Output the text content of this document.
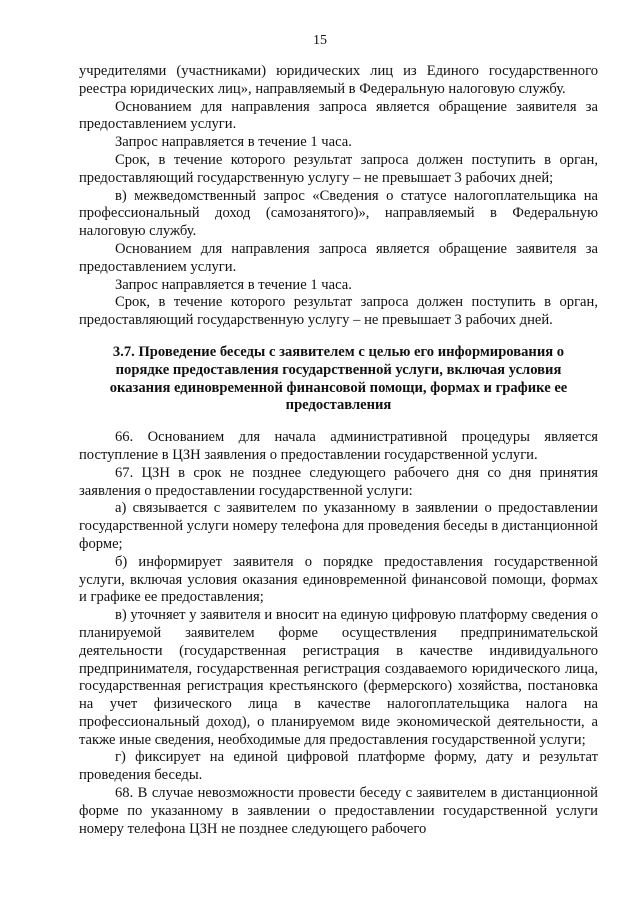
15

учредителями (участниками) юридических лиц из Единого государственного реестра юридических лиц», направляемый в Федеральную налоговую службу.

Основанием для направления запроса является обращение заявителя за предоставлением услуги.

Запрос направляется в течение 1 часа.

Срок, в течение которого результат запроса должен поступить в орган, предоставляющий государственную услугу – не превышает 3 рабочих дней;

в) межведомственный запрос «Сведения о статусе налогоплательщика на профессиональный доход (самозанятого)», направляемый в Федеральную налоговую службу.

Основанием для направления запроса является обращение заявителя за предоставлением услуги.

Запрос направляется в течение 1 часа.

Срок, в течение которого результат запроса должен поступить в орган, предоставляющий государственную услугу – не превышает 3 рабочих дней.

3.7. Проведение беседы с заявителем с целью его информирования о порядке предоставления государственной услуги, включая условия оказания единовременной финансовой помощи, формах и графике ее предоставления

66. Основанием для начала административной процедуры является поступление в ЦЗН заявления о предоставлении государственной услуги.

67. ЦЗН в срок не позднее следующего рабочего дня со дня принятия заявления о предоставлении государственной услуги:

а) связывается с заявителем по указанному в заявлении о предоставлении государственной услуги номеру телефона для проведения беседы в дистанционной форме;

б) информирует заявителя о порядке предоставления государственной услуги, включая условия оказания единовременной финансовой помощи, формах и графике ее предоставления;

в) уточняет у заявителя и вносит на единую цифровую платформу сведения о планируемой заявителем форме осуществления предпринимательской деятельности (государственная регистрация в качестве индивидуального предпринимателя, государственная регистрация создаваемого юридического лица, государственная регистрация крестьянского (фермерского) хозяйства, постановка на учет физического лица в качестве налогоплательщика налога на профессиональный доход), о планируемом виде экономической деятельности, а также иные сведения, необходимые для предоставления государственной услуги;

г) фиксирует на единой цифровой платформе форму, дату и результат проведения беседы.

68. В случае невозможности провести беседу с заявителем в дистанционной форме по указанному в заявлении о предоставлении государственной услуги номеру телефона ЦЗН не позднее следующего рабочего
